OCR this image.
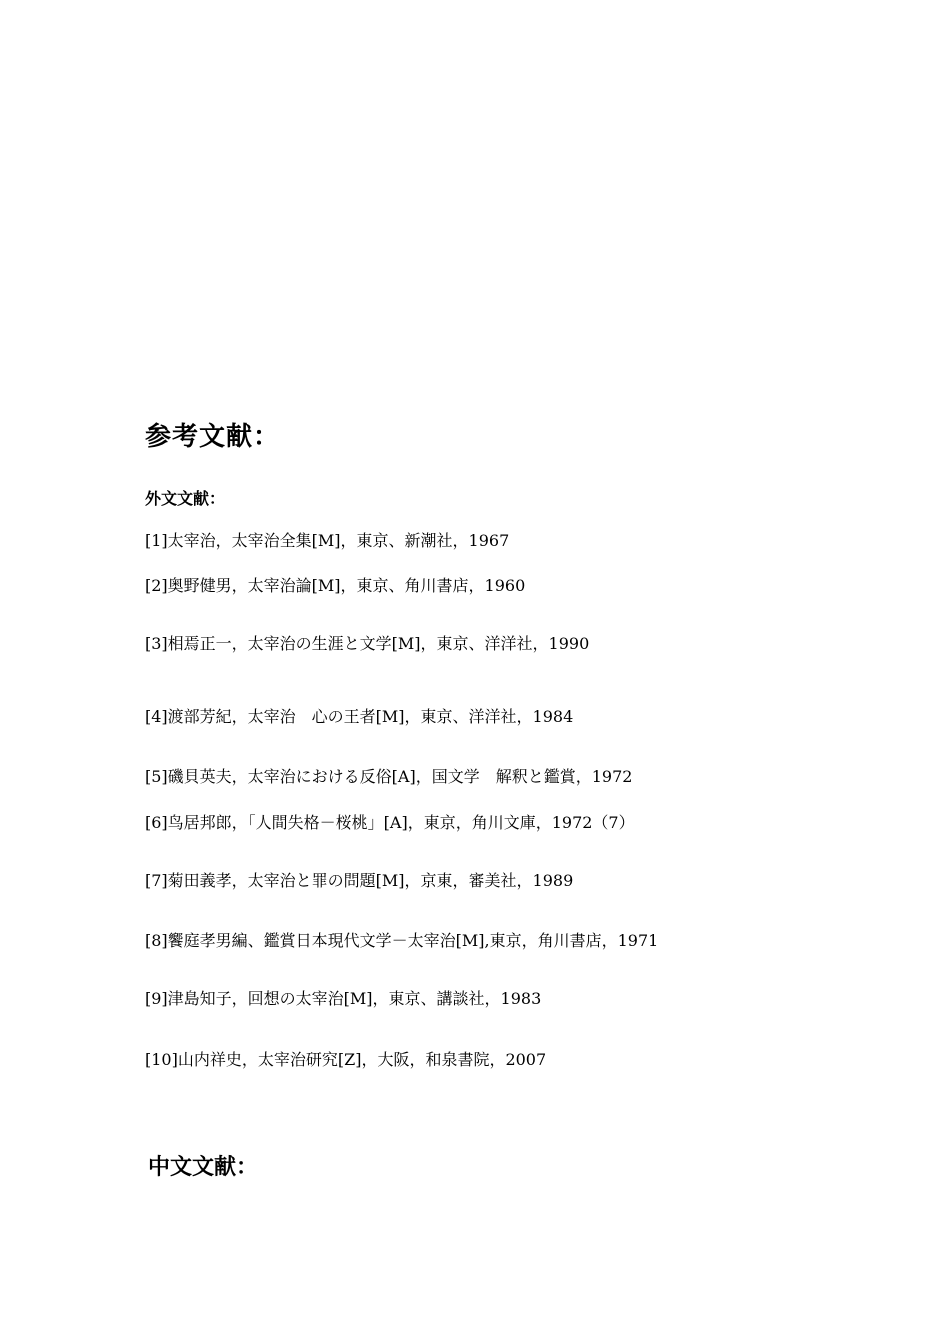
参考文献：
外文文献：
[1]太宰治，太宰治全集[M]，東京、新潮社，1967
[2]奥野健男，太宰治論[M]，東京、角川書店，1960
[3]相焉正一，太宰治の生涯と文学[M]，東京、洋洋社，1990
[4]渡部芳紀，太宰治　心の王者[M]，東京、洋洋社，1984
[5]磯貝英夫，太宰治における反俗[A]，国文学　解釈と鑑賞，1972
[6]鸟居邦郎，「人間失格－桜桃」[A]，東京，角川文庫，1972（7）
[7]菊田義孝，太宰治と罪の問題[M]，京東，審美社，1989
[8]饗庭孝男編、鑑賞日本現代文学－太宰治[M],東京，角川書店，1971
[9]津島知子，回想の太宰治[M]，東京、講談社，1983
[10]山内祥史，太宰治研究[Z]，大阪，和泉書院，2007
中文文献：
